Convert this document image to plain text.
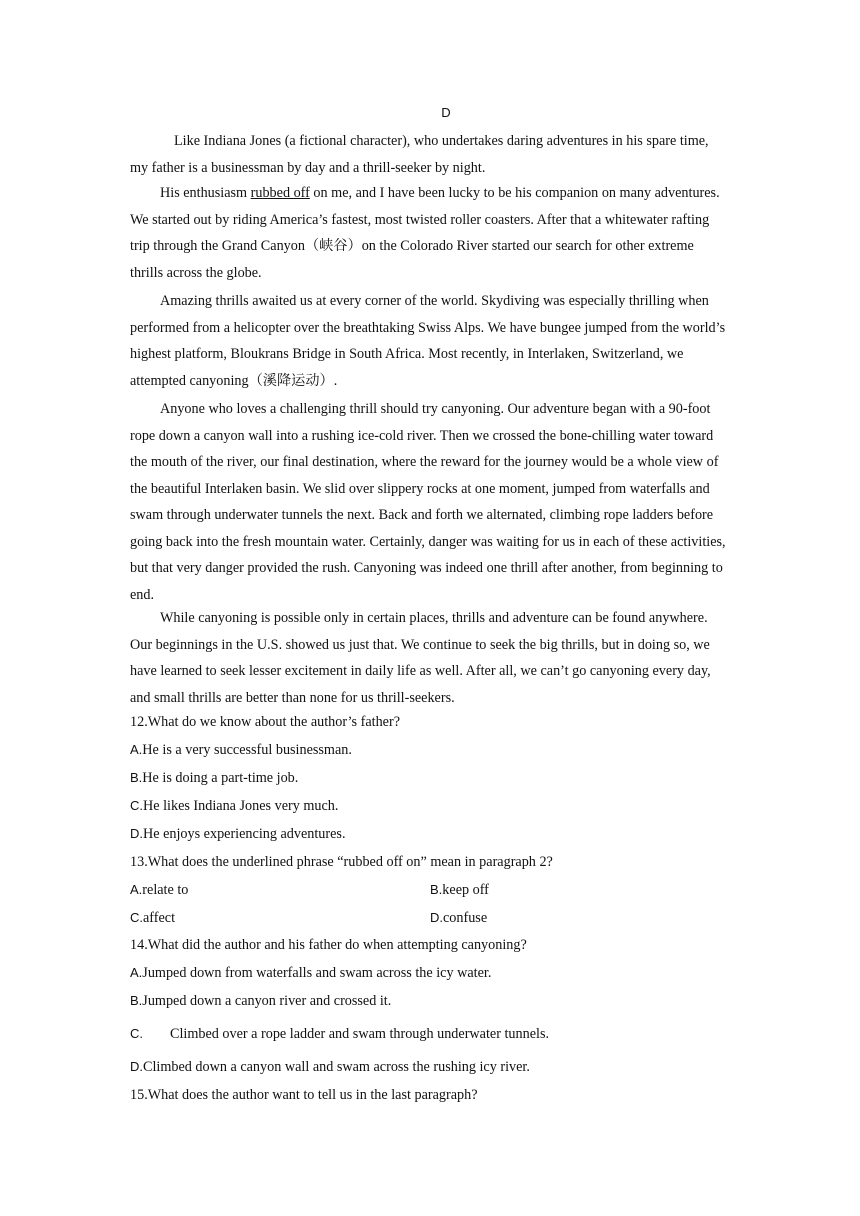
D

Like Indiana Jones (a fictional character), who undertakes daring adventures in his spare time, my father is a businessman by day and a thrill-seeker by night.

His enthusiasm rubbed off on me, and I have been lucky to be his companion on many adventures. We started out by riding America’s fastest, most twisted roller coasters. After that a whitewater rafting trip through the Grand Canyon（峡谷）on the Colorado River started our search for other extreme thrills across the globe.

Amazing thrills awaited us at every corner of the world. Skydiving was especially thrilling when performed from a helicopter over the breathtaking Swiss Alps. We have bungee jumped from the world’s highest platform, Bloukrans Bridge in South Africa. Most recently, in Interlaken, Switzerland, we attempted canyoning（溪降运动）.

Anyone who loves a challenging thrill should try canyoning. Our adventure began with a 90-foot rope down a canyon wall into a rushing ice-cold river. Then we crossed the bone-chilling water toward the mouth of the river, our final destination, where the reward for the journey would be a whole view of the beautiful Interlaken basin. We slid over slippery rocks at one moment, jumped from waterfalls and swam through underwater tunnels the next. Back and forth we alternated, climbing rope ladders before going back into the fresh mountain water. Certainly, danger was waiting for us in each of these activities, but that very danger provided the rush. Canyoning was indeed one thrill after another, from beginning to end.

While canyoning is possible only in certain places, thrills and adventure can be found anywhere. Our beginnings in the U.S. showed us just that. We continue to seek the big thrills, but in doing so, we have learned to seek lesser excitement in daily life as well. After all, we can’t go canyoning every day, and small thrills are better than none for us thrill-seekers.

12.What do we know about the author’s father?
A.He is a very successful businessman.
B.He is doing a part-time job.
C.He likes Indiana Jones very much.
D.He enjoys experiencing adventures.
13.What does the underlined phrase “rubbed off on” mean in paragraph 2?
A.relate to	B.keep off
C.affect	D.confuse
14.What did the author and his father do when attempting canyoning?
A.Jumped down from waterfalls and swam across the icy water.
B.Jumped down a canyon river and crossed it.
C. Climbed over a rope ladder and swam through underwater tunnels.
D.Climbed down a canyon wall and swam across the rushing icy river.
15.What does the author want to tell us in the last paragraph?
